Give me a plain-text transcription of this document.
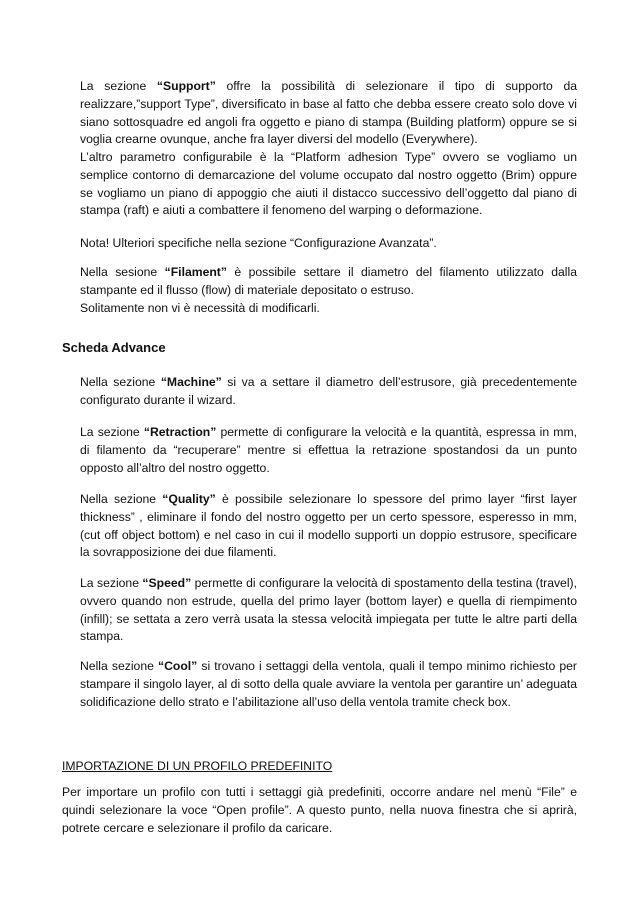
La sezione “Support” offre la possibilità di selezionare il tipo di supporto da realizzare,”support Type”, diversificato in base al fatto che debba essere creato solo dove vi siano sottosquadre ed angoli fra oggetto e piano di stampa (Building platform) oppure se si voglia crearne ovunque, anche fra layer diversi del modello (Everywhere).

L’altro parametro configurabile è la “Platform adhesion Type” ovvero se vogliamo un semplice contorno di demarcazione del volume occupato dal nostro oggetto (Brim) oppure se vogliamo un piano di appoggio che aiuti il distacco successivo dell’oggetto dal piano di stampa (raft) e aiuti a combattere il fenomeno del warping o deformazione.

Nota! Ulteriori specifiche nella sezione “Configurazione Avanzata”.

Nella sesione “Filament” è possibile settare il diametro del filamento utilizzato dalla stampante ed il flusso (flow) di materiale depositato o estruso.

Solitamente non vi è necessità di modificarli.

Scheda Advance

Nella sezione “Machine” si va a settare il diametro dell’estrusore, già precedentemente configurato durante il wizard.

La sezione “Retraction” permette di configurare la velocità e la quantità, espressa in mm, di filamento da “recuperare” mentre si effettua la retrazione spostandosi da un punto opposto all’altro del nostro oggetto.

Nella sezione “Quality” è possibile selezionare lo spessore del primo layer “first layer thickness” , eliminare il fondo del nostro oggetto per un certo spessore, esperesso in mm, (cut off object bottom) e nel caso in cui il modello supporti un doppio estrusore, specificare la sovrapposizione dei due filamenti.

La sezione “Speed” permette di configurare la velocità di spostamento della testina (travel), ovvero quando non estrude, quella del primo layer (bottom layer) e quella di riempimento (infill); se settata a zero verrà usata la stessa velocità impiegata per tutte le altre parti della stampa.

Nella sezione “Cool” si trovano i settaggi della ventola, quali il tempo minimo richiesto per stampare il singolo layer, al di sotto della quale avviare la ventola per garantire un’ adeguata solidificazione dello strato e l’abilitazione all’uso della ventola tramite check box.

IMPORTAZIONE DI UN PROFILO PREDEFINITO

Per importare un profilo con tutti i settaggi già predefiniti, occorre andare nel menù “File” e quindi selezionare la voce “Open profile”. A questo punto, nella nuova finestra che si aprirà, potrete cercare e selezionare il profilo da caricare.
